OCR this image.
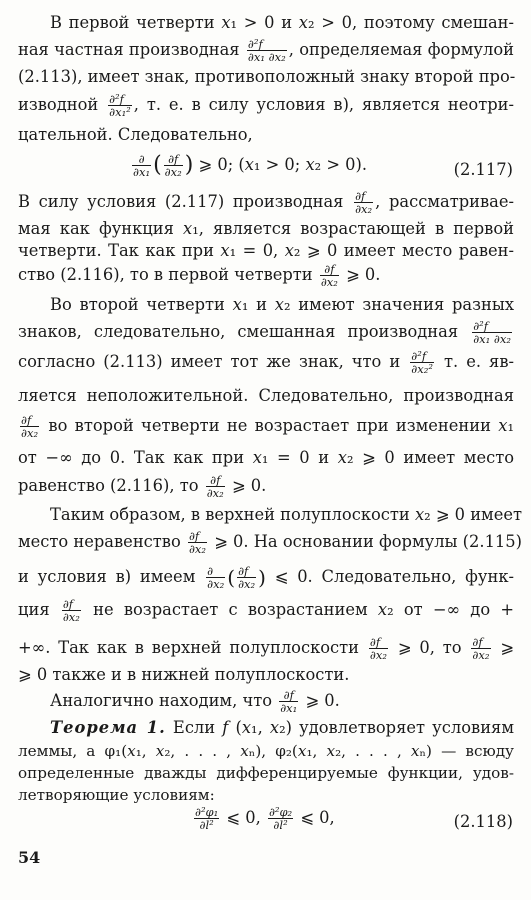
В первой четверти x₁ > 0 и x₂ > 0, поэтому смешан-
ная частная производная $\frac{\text{∂²f}}{\text{∂x₁ ∂x₂}}$ , определяемая формулой
(2.113), имеет знак, противоположный знаку второй про-
изводной $\frac{\text{∂²f}}{\text{∂x₁²}}$ , т. е. в силу условия в), является неотри-
цательной. Следовательно,
$\frac{\partial}{\text{∂x₁}}$ ( $\frac{\partial f}{\text{∂x₂}}$ ) ⩾ 0; (x₁ > 0; x₂ > 0).	(2.117)
В силу условия (2.117) производная $\frac{\partial f}{\text{∂x₂}}$ , рассматривае-
мая как функция x₁, является возрастающей в первой
четверти. Так как при x₁ = 0, x₂ ⩾ 0 имеет место равен-
ство (2.116), то в первой четверти $\frac{\partial f}{\text{∂x₂}}$ ⩾ 0.
Во второй четверти x₁ и x₂ имеют значения разных
знаков, следовательно, смешанная производная $\frac{\text{∂²f}}{\text{∂x₁ ∂x₂}}$
согласно (2.113) имеет тот же знак, что и $\frac{\text{∂²f}}{\text{∂x₂²}} т$. е. яв-
ляется неположительной. Следовательно, производная
$\frac{\partial f}{\text{∂x₂}}$ во второй четверти не возрастает при изменении x₁
от −∞ до 0. Так как при x₁ = 0 и x₂ ⩾ 0 имеет место
равенство (2.116), то $\frac{\partial f}{\text{∂x₂}}$ ⩾ 0.
Таким образом, в верхней полуплоскости x₂ ⩾ 0 имеет
место неравенство $\frac{\partial f}{\text{∂x₂}}$ ⩾ 0. На основании формулы (2.115)
и условия в) имеем $\frac{\partial}{\text{∂x₂}}$ ( $\frac{\partial f}{\text{∂x₂}}$ ) ⩽ 0. Следовательно, функ-
ция $\frac{\partial f}{\text{∂x₂}}$ не возрастает с возрастанием x₂ от −∞ до +
+∞. Так как в верхней полуплоскости $\frac{\partial f}{\text{∂x₂}}$ ⩾ 0, то $\frac{\partial f}{\text{∂x₂}}$ ⩾
⩾ 0 также и в нижней полуплоскости.
Аналогично находим, что $\frac{\partial f}{\text{∂x₁}}$ ⩾ 0.
Теорема 1. Если f (x₁, x₂) удовлетворяет условиям
леммы, а φ₁(x₁, x₂, . . . , xₙ), φ₂(x₁, x₂, . . . , xₙ) — всюду
определенные дважды дифференцируемые функции, удов-
летворяющие условиям:
$\frac{\text{∂²φ₁}}{\text{∂l²}}$ ⩽ 0, $\frac{\text{∂²φ₂}}{\text{∂l²}}$ ⩽ 0,	(2.118)
54
